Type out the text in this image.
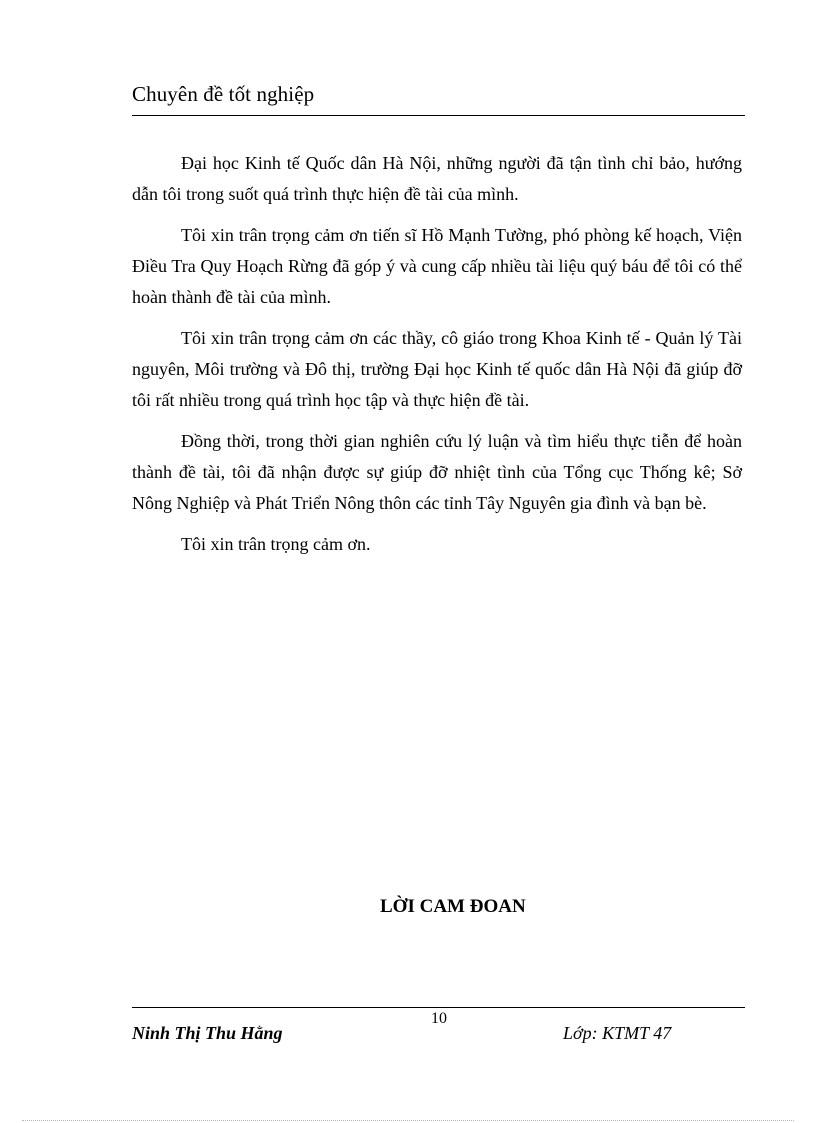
Chuyên đề tốt nghiệp

Đại học Kinh tế Quốc dân Hà Nội, những người đã tận tình chỉ bảo, hướng dẫn tôi trong suốt quá trình thực hiện đề tài của mình.

Tôi xin trân trọng cảm ơn tiến sĩ Hồ Mạnh Tường, phó phòng kế hoạch, Viện Điều Tra Quy Hoạch Rừng đã góp ý và cung cấp nhiều tài liệu quý báu để tôi có thể hoàn thành đề tài của mình.

Tôi xin trân trọng cảm ơn các thầy, cô giáo trong Khoa Kinh tế - Quản lý Tài nguyên, Môi trường và Đô thị, trường Đại học Kinh tế quốc dân Hà Nội đã giúp đỡ tôi rất nhiều trong quá trình học tập và thực hiện đề tài.

Đồng thời, trong thời gian nghiên cứu lý luận và tìm hiểu thực tiễn để hoàn thành đề tài, tôi đã nhận được sự giúp đỡ nhiệt tình của Tổng cục Thống kê; Sở Nông Nghiệp và Phát Triển Nông thôn các tỉnh Tây Nguyên gia đình và bạn bè.

Tôi xin trân trọng cảm ơn.

LỜI CAM ĐOAN
10
Ninh Thị Thu Hằng	Lớp: KTMT 47
